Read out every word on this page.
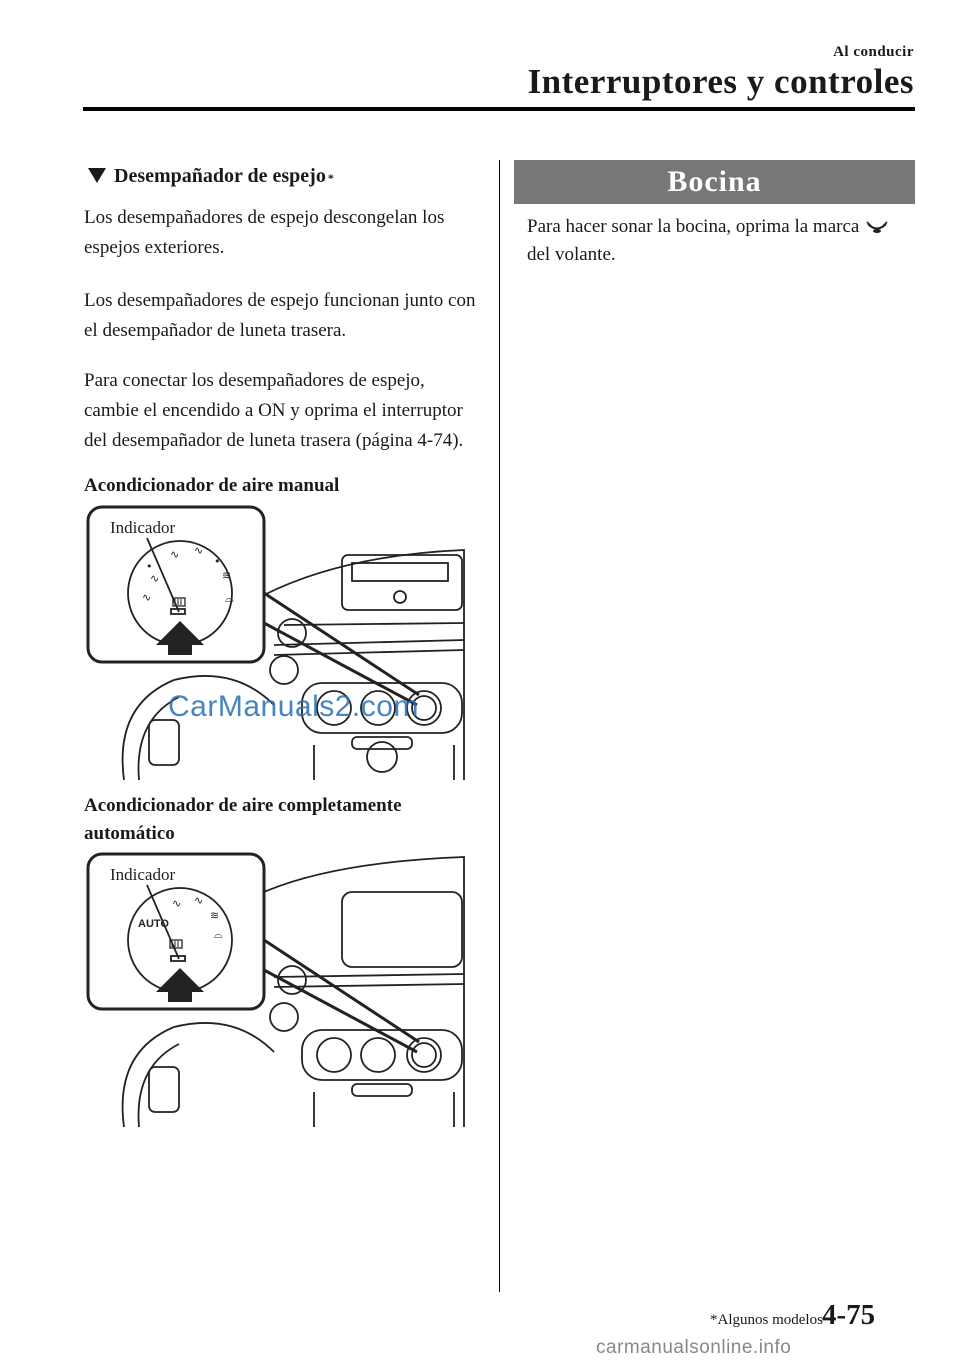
Al conducir
Interruptores y controles
Desempañador de espejo *
Los desempañadores de espejo descongelan los espejos exteriores.
Los desempañadores de espejo funcionan junto con el desempañador de luneta trasera.
Para conectar los desempañadores de espejo, cambie el encendido a ON y oprima el interruptor del desempañador de luneta trasera (página 4-74).
Acondicionador de aire manual
Indicador
•
∿
∿ ∿
•
≋
∿	⌓
CarManuals2.com
Acondicionador de aire completamente automático
Indicador
AUTO
∿ ∿
≋
⌓
Bocina
Para hacer sonar la bocina, oprima la marca  del volante.
*Algunos modelos 4-75
carmanualsonline.info
